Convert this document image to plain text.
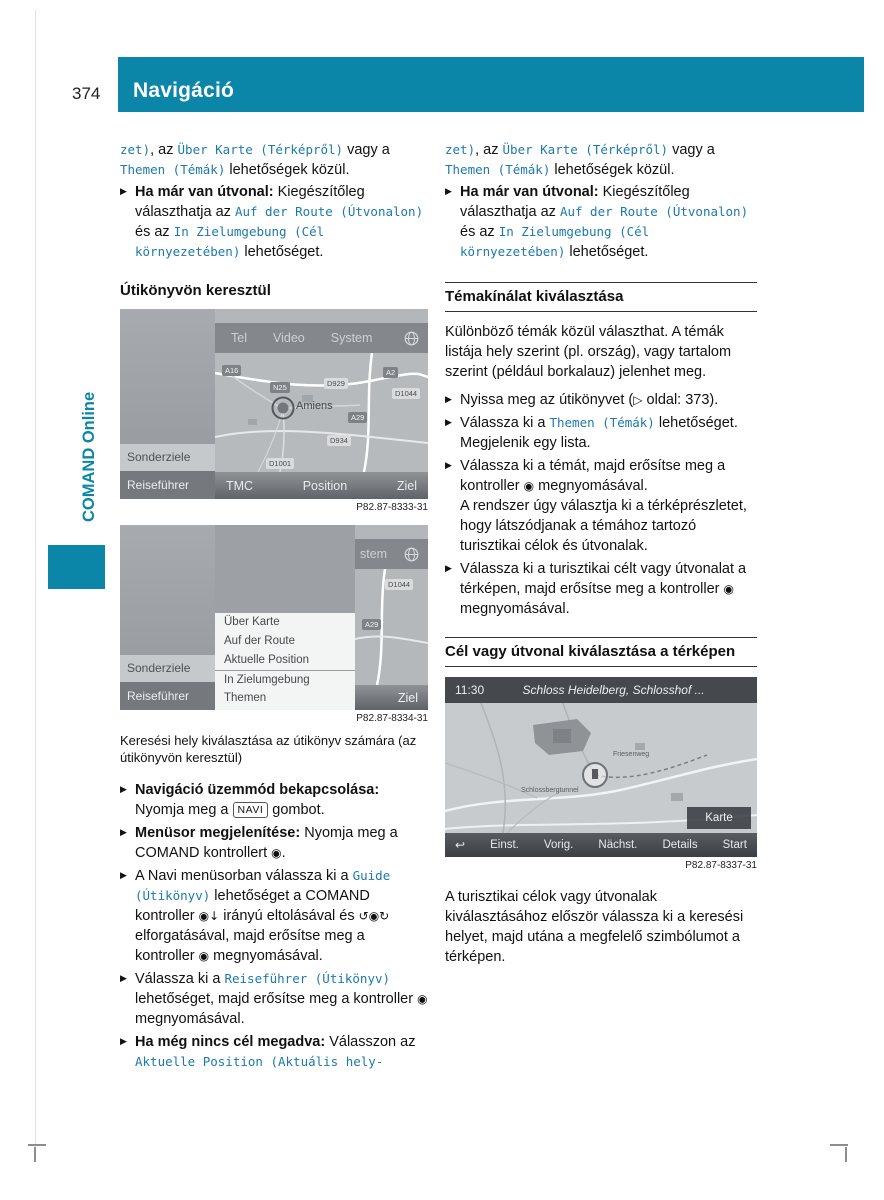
374 Navigáció
COMAND Online

zet), az Über Karte (Térképről) vagy a Themen (Témák) lehetőségek közül.

▶ Ha már van útvonal: Kiegészítőleg választhatja az Auf der Route (Útvonalon) és az In Zielumgebung (Cél környezetében) lehetőséget.
Útikönyvön keresztül
Tel Video System
Sonderziele
Reiseführer
A16
N25	D929
A2
D1044
A29
D934
D1001
Amiens
TMC	Position	Ziel
P82.87-8333-31
stem
D1044
A29
Über Karte
Auf der Route
Aktuelle Position
In Zielumgebung
Themen
Sonderziele
Reiseführer	Ziel
P82.87-8334-31

Keresési hely kiválasztása az útikönyv számára (az útikönyvön keresztül)

▶ Navigáció üzemmód bekapcsolása: Nyomja meg a NAVI gombot.
▶ Menüsor megjelenítése: Nyomja meg a COMAND kontrollert ◉.
▶ A Navi menüsorban válassza ki a Guide (Útikönyv) lehetőséget a COMAND kontroller ◉↓ irányú eltolásával és ↺◉↻ elforgatásával, majd erősítse meg a kontroller ◉ megnyomásával.
▶ Válassza ki a Reiseführer (Útikönyv) lehetőséget, majd erősítse meg a kontroller ◉ megnyomásával.
▶ Ha még nincs cél megadva: Válasszon az Aktuelle Position (Aktuális hely-

zet), az Über Karte (Térképről) vagy a Themen (Témák) lehetőségek közül.

▶ Ha már van útvonal: Kiegészítőleg választhatja az Auf der Route (Útvonalon) és az In Zielumgebung (Cél környezetében) lehetőséget.
Témakínálat kiválasztása

Különböző témák közül választhat. A témák listája hely szerint (pl. ország), vagy tartalom szerint (például borkalauz) jelenhet meg.

▶ Nyissa meg az útikönyvet (▷ oldal: 373).
▶ Válassza ki a Themen (Témák) lehetőséget.
Megjelenik egy lista.
▶ Válassza ki a témát, majd erősítse meg a kontroller ◉ megnyomásával.
A rendszer úgy választja ki a térképrészletet, hogy látszódjanak a témához tartozó turisztikai célok és útvonalak.
▶ Válassza ki a turisztikai célt vagy útvonalat a térképen, majd erősítse meg a kontroller ◉ megnyomásával.
Cél vagy útvonal kiválasztása a térképen
11:30	Schloss Heidelberg, Schlosshof ...
Schlossbergtunnel
Friesenweg
Karte
↩ Einst. Vorig. Nächst. Details Start
P82.87-8337-31

A turisztikai célok vagy útvonalak kiválasztásához először válassza ki a keresési helyet, majd utána a megfelelő szimbólumot a térképen.
